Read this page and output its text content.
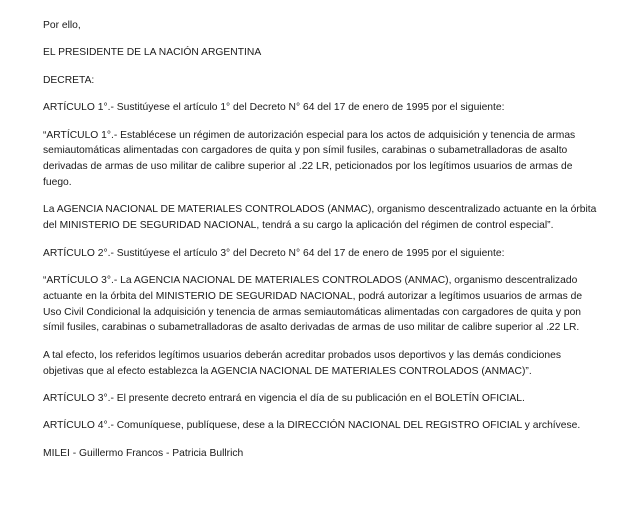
Por ello,

EL PRESIDENTE DE LA NACIÓN ARGENTINA

DECRETA:

ARTÍCULO 1°.- Sustitúyese el artículo 1° del Decreto N° 64 del 17 de enero de 1995 por el siguiente:

“ARTÍCULO 1°.- Establécese un régimen de autorización especial para los actos de adquisición y tenencia de armas semiautomáticas alimentadas con cargadores de quita y pon símil fusiles, carabinas o subametralladoras de asalto derivadas de armas de uso militar de calibre superior al .22 LR, peticionados por los legítimos usuarios de armas de fuego.

La AGENCIA NACIONAL DE MATERIALES CONTROLADOS (ANMAC), organismo descentralizado actuante en la órbita del MINISTERIO DE SEGURIDAD NACIONAL, tendrá a su cargo la aplicación del régimen de control especial”.

ARTÍCULO 2°.- Sustitúyese el artículo 3° del Decreto N° 64 del 17 de enero de 1995 por el siguiente:

“ARTÍCULO 3°.- La AGENCIA NACIONAL DE MATERIALES CONTROLADOS (ANMAC), organismo descentralizado actuante en la órbita del MINISTERIO DE SEGURIDAD NACIONAL, podrá autorizar a legítimos usuarios de armas de Uso Civil Condicional la adquisición y tenencia de armas semiautomáticas alimentadas con cargadores de quita y pon símil fusiles, carabinas o subametralladoras de asalto derivadas de armas de uso militar de calibre superior al .22 LR.

A tal efecto, los referidos legítimos usuarios deberán acreditar probados usos deportivos y las demás condiciones objetivas que al efecto establezca la AGENCIA NACIONAL DE MATERIALES CONTROLADOS (ANMAC)”.

ARTÍCULO 3°.- El presente decreto entrará en vigencia el día de su publicación en el BOLETÍN OFICIAL.

ARTÍCULO 4°.- Comuníquese, publíquese, dese a la DIRECCIÓN NACIONAL DEL REGISTRO OFICIAL y archívese.

MILEI - Guillermo Francos - Patricia Bullrich
